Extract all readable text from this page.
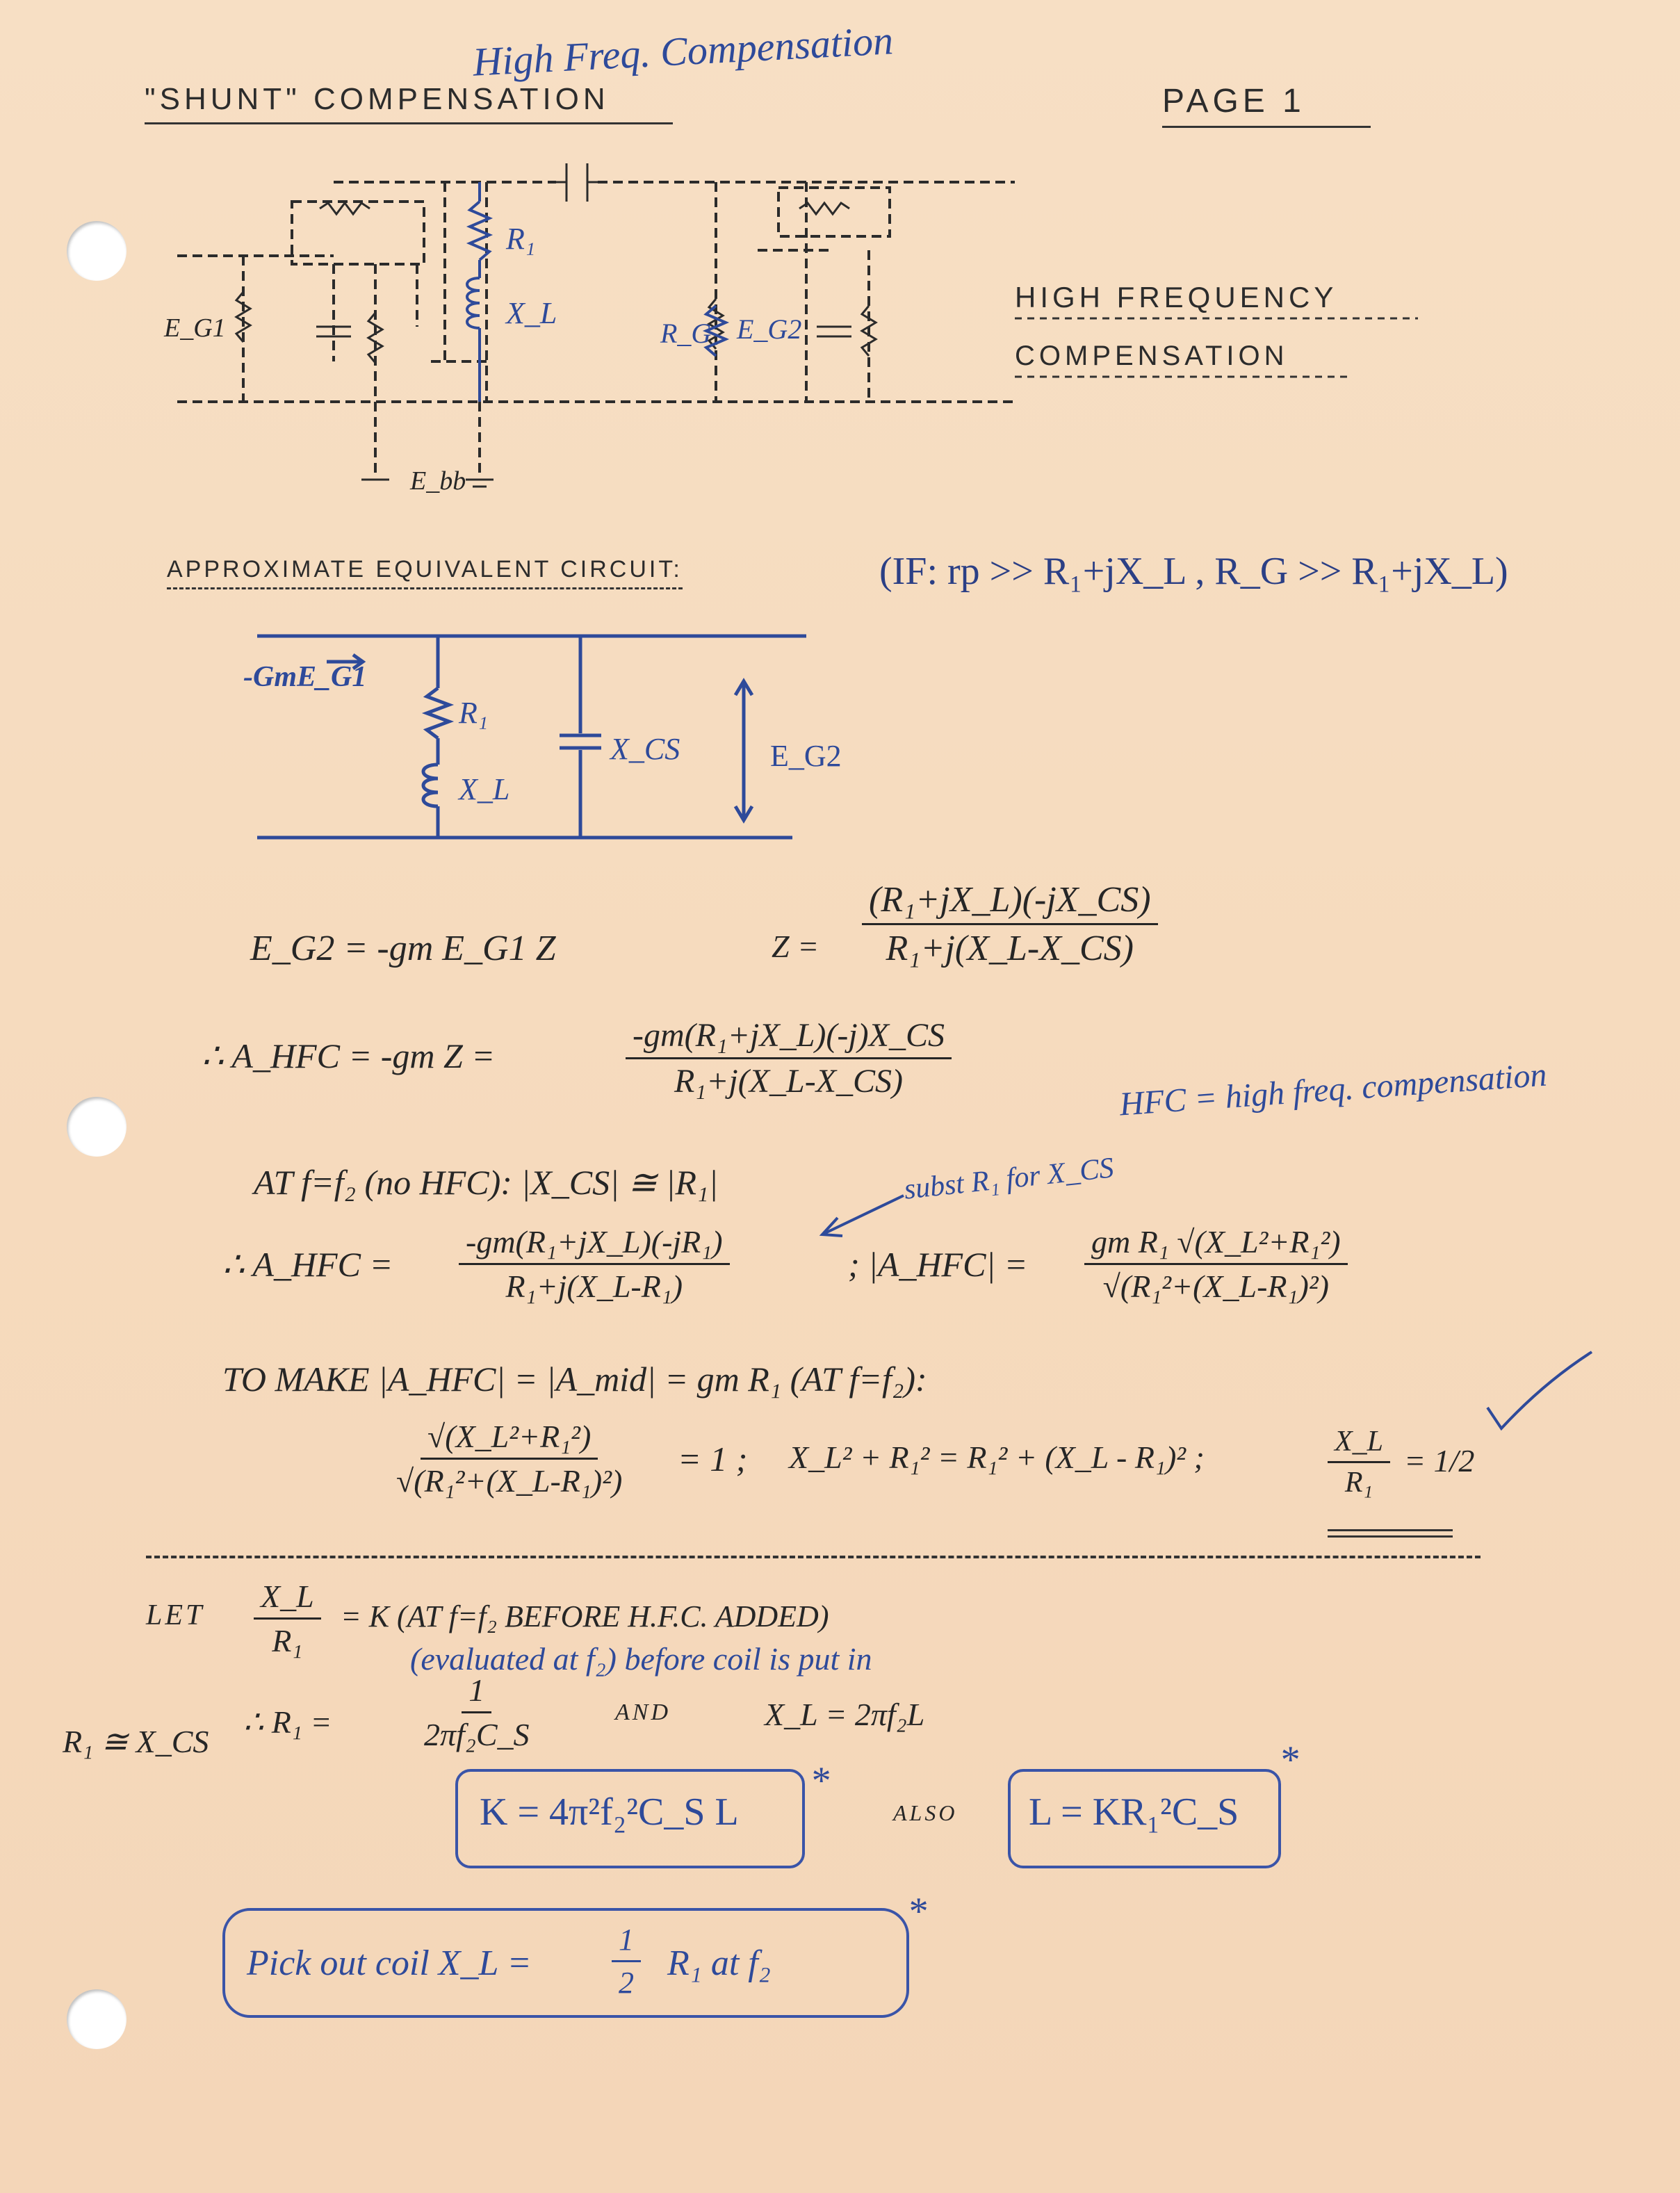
High Freq. Compensation
"SHUNT" COMPENSATION	PAGE 1
R₁
X_L
R_G E_G2
E_G1
E_bb
HIGH FREQUENCY
COMPENSATION
APPROXIMATE EQUIVALENT CIRCUIT:	(IF: rp >> R₁+jX_L , R_G >> R₁+jX_L)
-GmE_G1
R₁
X_L
X_CS	E_G2
E_G2 = -gm E_G1 Z	$Z = \frac{\text{(R₁+jX\_L)(-jX\_CS)}}{\text{R₁+j(X\_L-X\_CS)}}$
∴ A_HFC = -gm Z =	$\frac{\text{-gm(R₁+jX\_L)(-j)X\_CS}}{\text{R₁+j(X\_L-X\_CS)}}$	HFC = high freq. compensation
AT f=f₂ (no HFC): |X_CS| ≅ |R₁|	subst R₁ for X_CS
∴ A_HFC = $\frac{\text{-gm(R₁+jX\_L)(-jR₁)}}{\text{R₁+j(X\_L-R₁)}}$	; |A_HFC| = $\frac{\text{gm R₁ √(X\_L²+R₁²)}}{\text{√(R₁²+(X\_L-R₁)²)}}$
TO MAKE |A_HFC| = |A_mid| = gm R₁ (AT f=f₂):
$\frac{\text{√(X\_L²+R₁²)}}{\text{√(R₁²+(X\_L-R₁)²)}} = 1$ ; X_L² + R₁² = R₁² + (X_L - R₁)² ;	$\frac{X\_L}{\text{R₁}} = 1/2$
LET $\frac{X\_L}{\text{R₁}} = K$ (AT f=f₂ BEFORE H.F.C. ADDED)
(evaluated at f₂) before coil is put in
∴ R₁ =	$\frac{1}{\text{2πf₂C\_S}}$	AND	X_L = 2πf₂L
R₁ ≅ X_CS
K = 4π²f₂²C_S L
*
ALSO L = KR₁²C_S
*
Pick out coil X_L =	$\frac{1}{2} R_1$ at f₂
*
